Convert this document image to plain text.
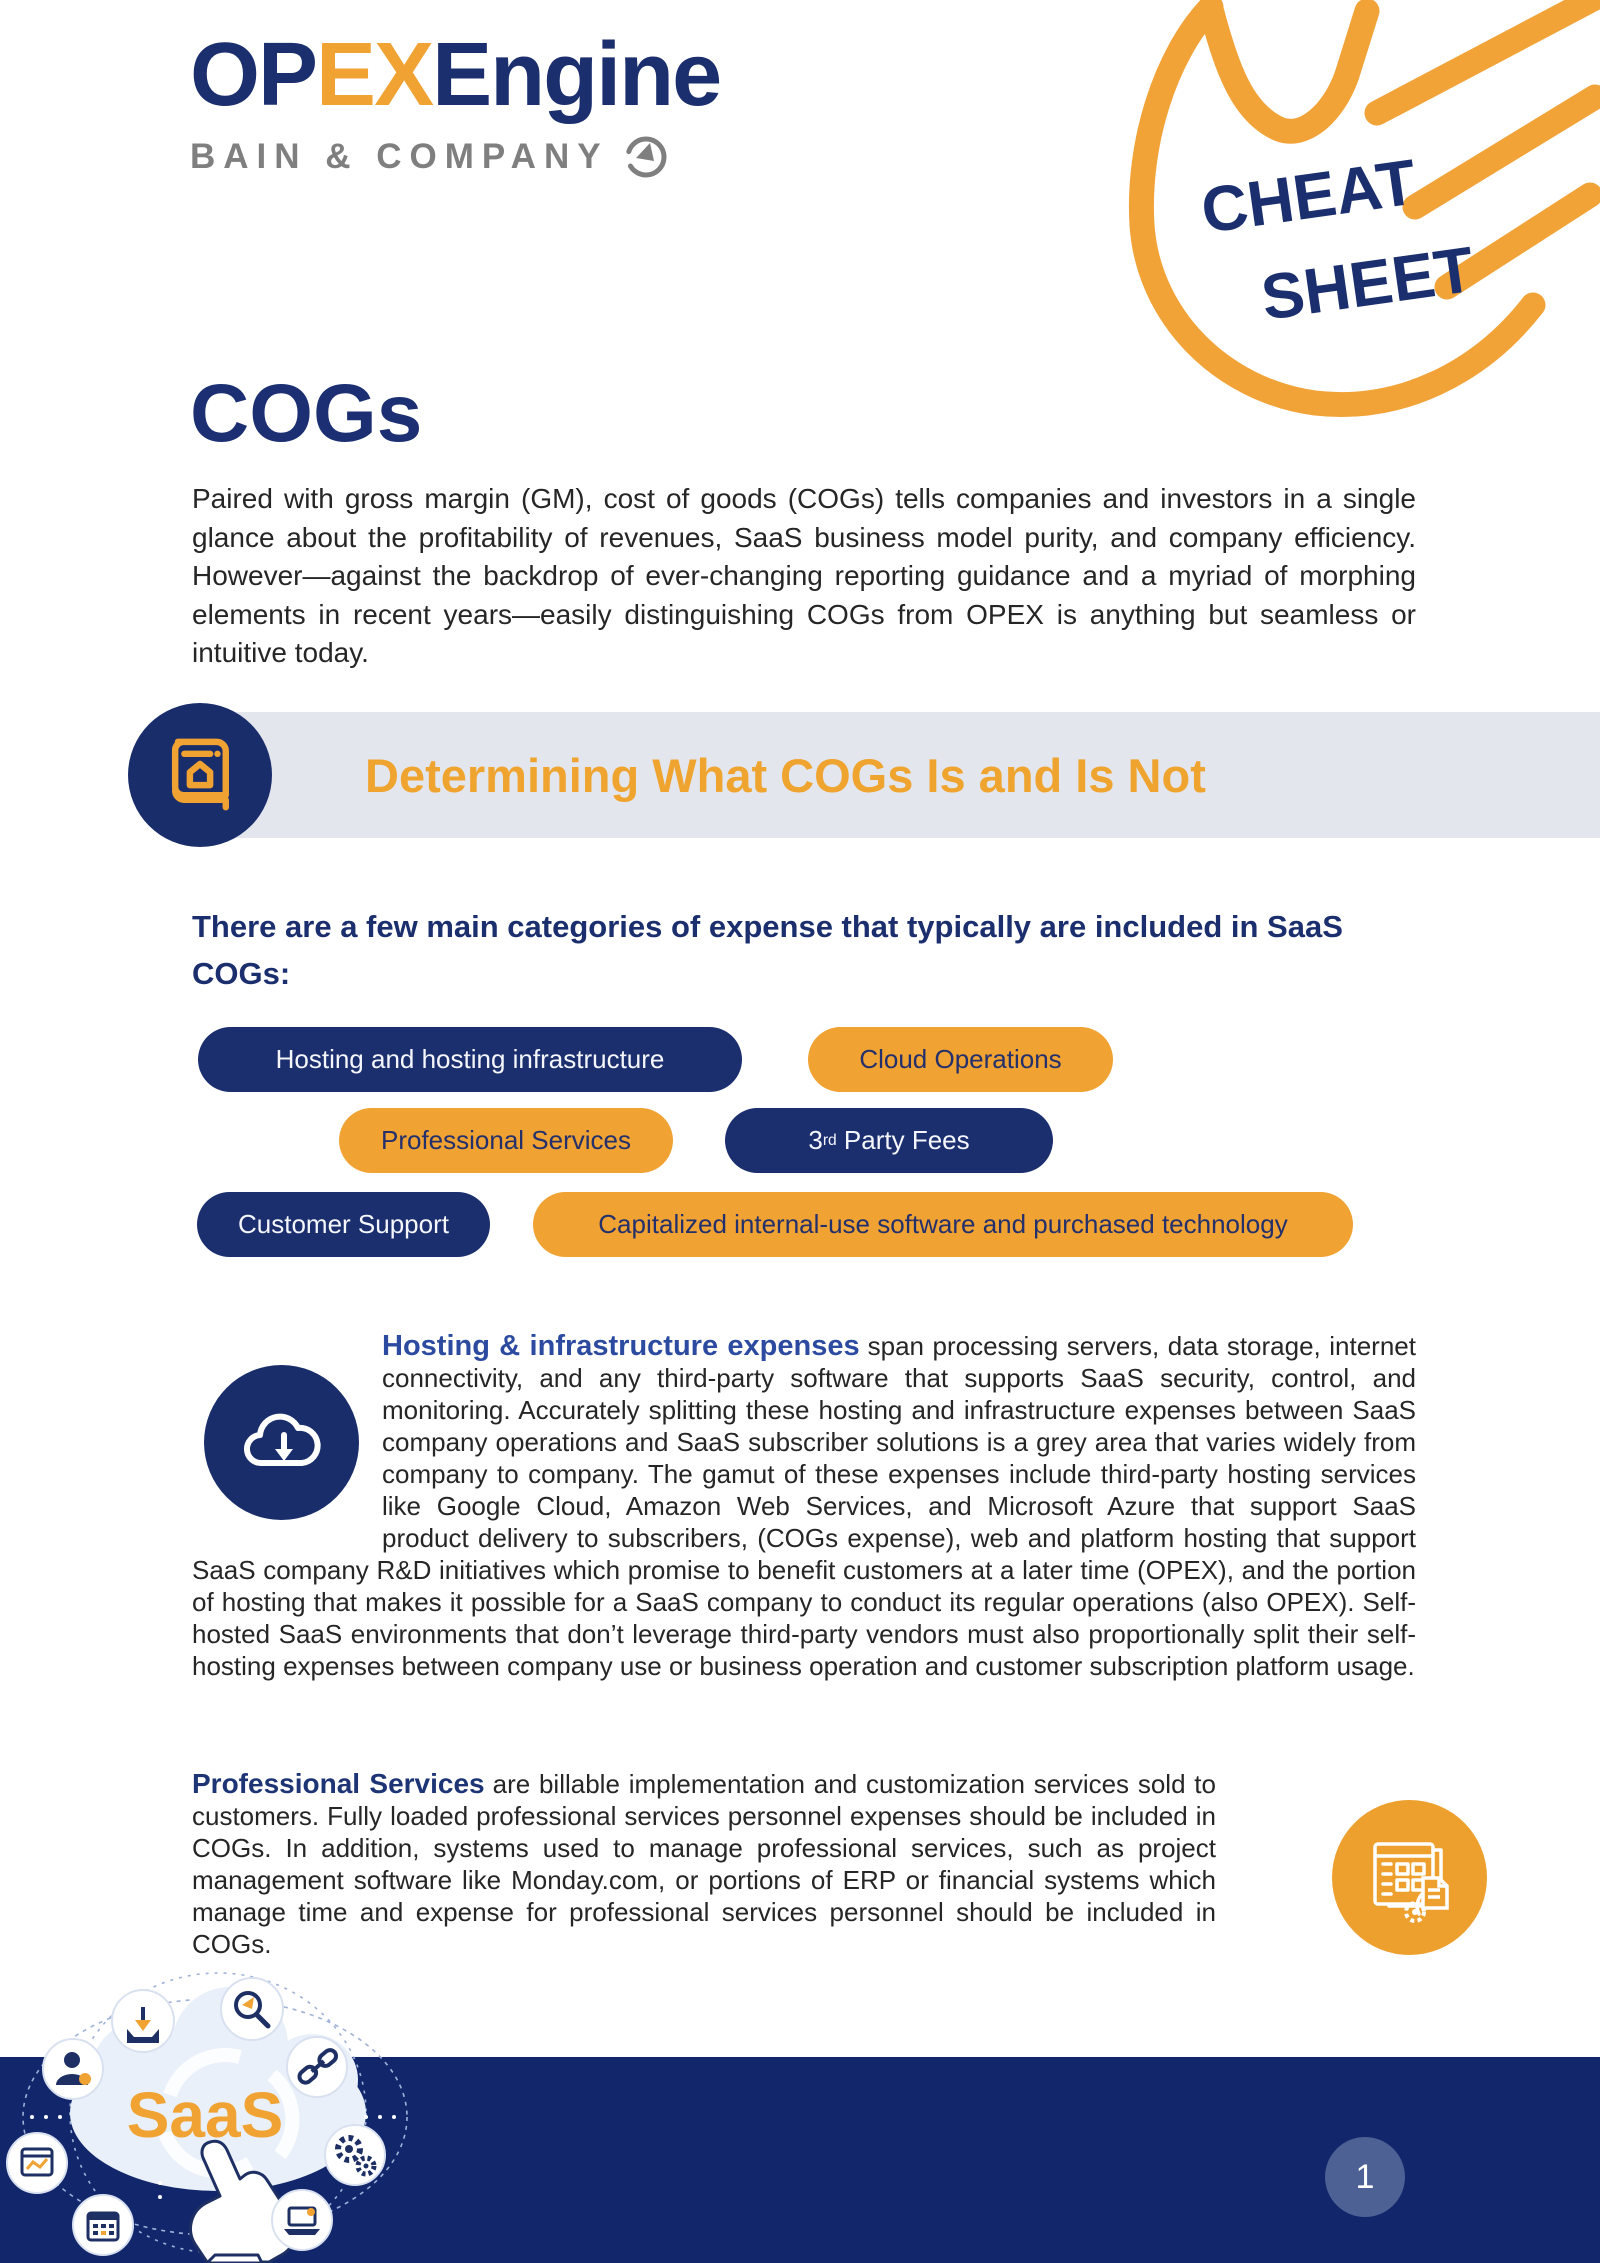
OPEXEngine
BAIN & COMPANY	CHEAT
SHEET
COGs

Paired with gross margin (GM), cost of goods (COGs) tells companies and investors in a single glance about the profitability of revenues, SaaS business model purity, and company efficiency. However—against the backdrop of ever-changing reporting guidance and a myriad of morphing elements in recent years—easily distinguishing COGs from OPEX is anything but seamless or intuitive today.

Determining What COGs Is and Is Not
There are a few main categories of expense that typically are included in SaaS COGs:
Hosting and hosting infrastructure	Cloud Operations
Professional Services	3 rd Party Fees
Customer Support	Capitalized internal-use software and purchased technology
Hosting & infrastructure expenses span processing servers, data storage, internet connectivity, and any third-party software that supports SaaS security, control, and monitoring. Accurately splitting these hosting and infrastructure expenses between SaaS company operations and SaaS subscriber solutions is a grey area that varies widely from company to company. The gamut of these expenses include third-party hosting services like Google Cloud, Amazon Web Services, and Microsoft Azure that support SaaS product delivery to subscribers, (COGs expense), web and platform hosting that support SaaS company R&D initiatives which promise to benefit customers at a later time (OPEX), and the portion of hosting that makes it possible for a SaaS company to conduct its regular operations (also OPEX). Self-hosted SaaS environments that don’t leverage third-party vendors must also proportionally split their self-hosting expenses between company use or business operation and customer subscription platform usage.

Professional Services are billable implementation and customization services sold to customers. Fully loaded professional services personnel expenses should be included in COGs. In addition, systems used to manage professional services, such as project management software like Monday.com, or portions of ERP or financial systems which manage time and expense for professional services personnel should be included in COGs.

SaaS
1
